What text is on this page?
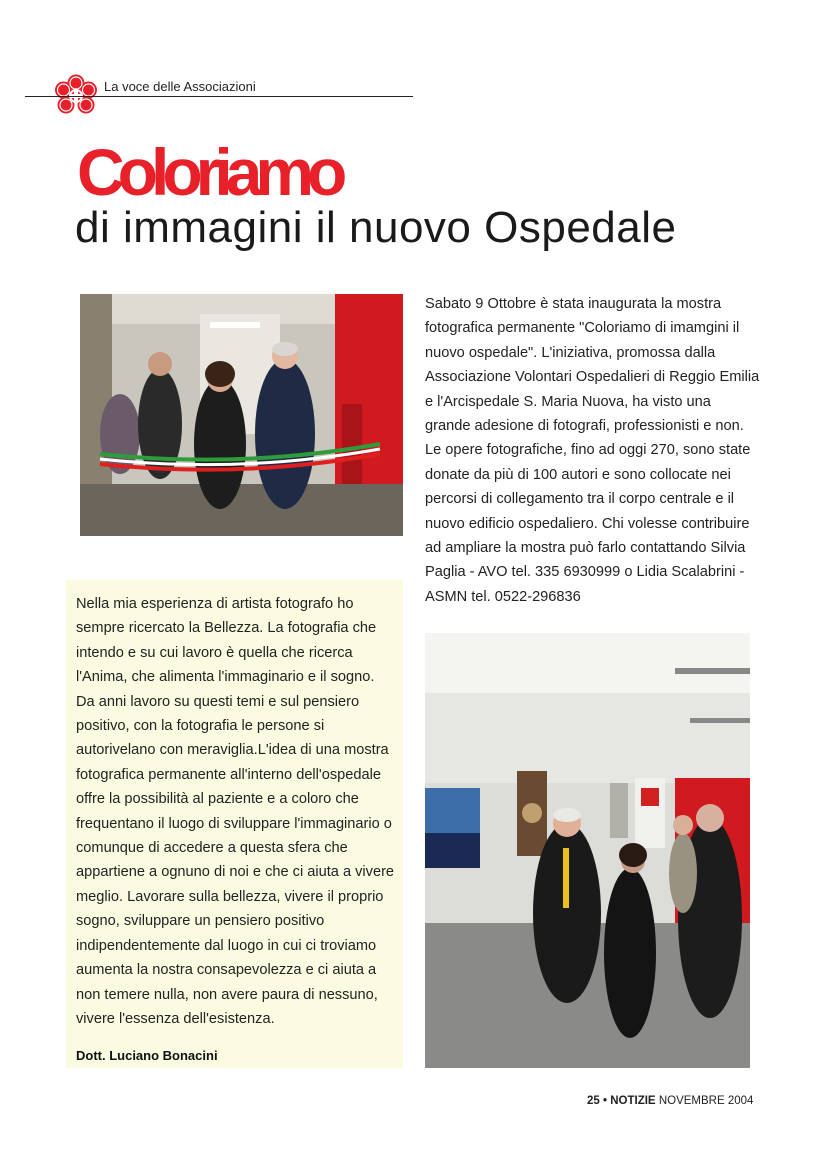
La voce delle Associazioni
Coloriamo
di immagini il nuovo Ospedale
Sabato 9 Ottobre è stata inaugurata la mostra fotografica permanente "Coloriamo di imamgini il nuovo ospedale". L'iniziativa, promossa dalla Associazione Volontari Ospedalieri di Reggio Emilia e l'Arcispedale S. Maria Nuova, ha visto una grande adesione di fotografi, professionisti e non. Le opere fotografiche, fino ad oggi 270, sono state donate da più di 100 autori e sono collocate nei percorsi di collegamento tra il corpo centrale e il nuovo edificio ospedaliero. Chi volesse contribuire ad ampliare la mostra può farlo contattando Silvia Paglia - AVO tel. 335 6930999 o Lidia Scalabrini - ASMN tel. 0522-296836
Nella mia esperienza di artista fotografo ho sempre ricercato la Bellezza. La fotografia che intendo e su cui lavoro è quella che ricerca l'Anima, che alimenta l'immaginario e il sogno.
Da anni lavoro su questi temi e sul pensiero positivo, con la fotografia le persone si autorivelano con meraviglia.L'idea di una mostra fotografica permanente all'interno dell'ospedale offre la possibilità al paziente e a coloro che frequentano il luogo di sviluppare l'immaginario o comunque di accedere a questa sfera che appartiene a ognuno di noi e che ci aiuta a vivere meglio. Lavorare sulla bellezza, vivere il proprio sogno, sviluppare un pensiero positivo indipendentemente dal luogo in cui ci troviamo aumenta la nostra consapevolezza e ci aiuta a non temere nulla, non avere paura di nessuno, vivere l'essenza dell'esistenza.
Dott. Luciano Bonacini
25 • NOTIZIE NOVEMBRE 2004
